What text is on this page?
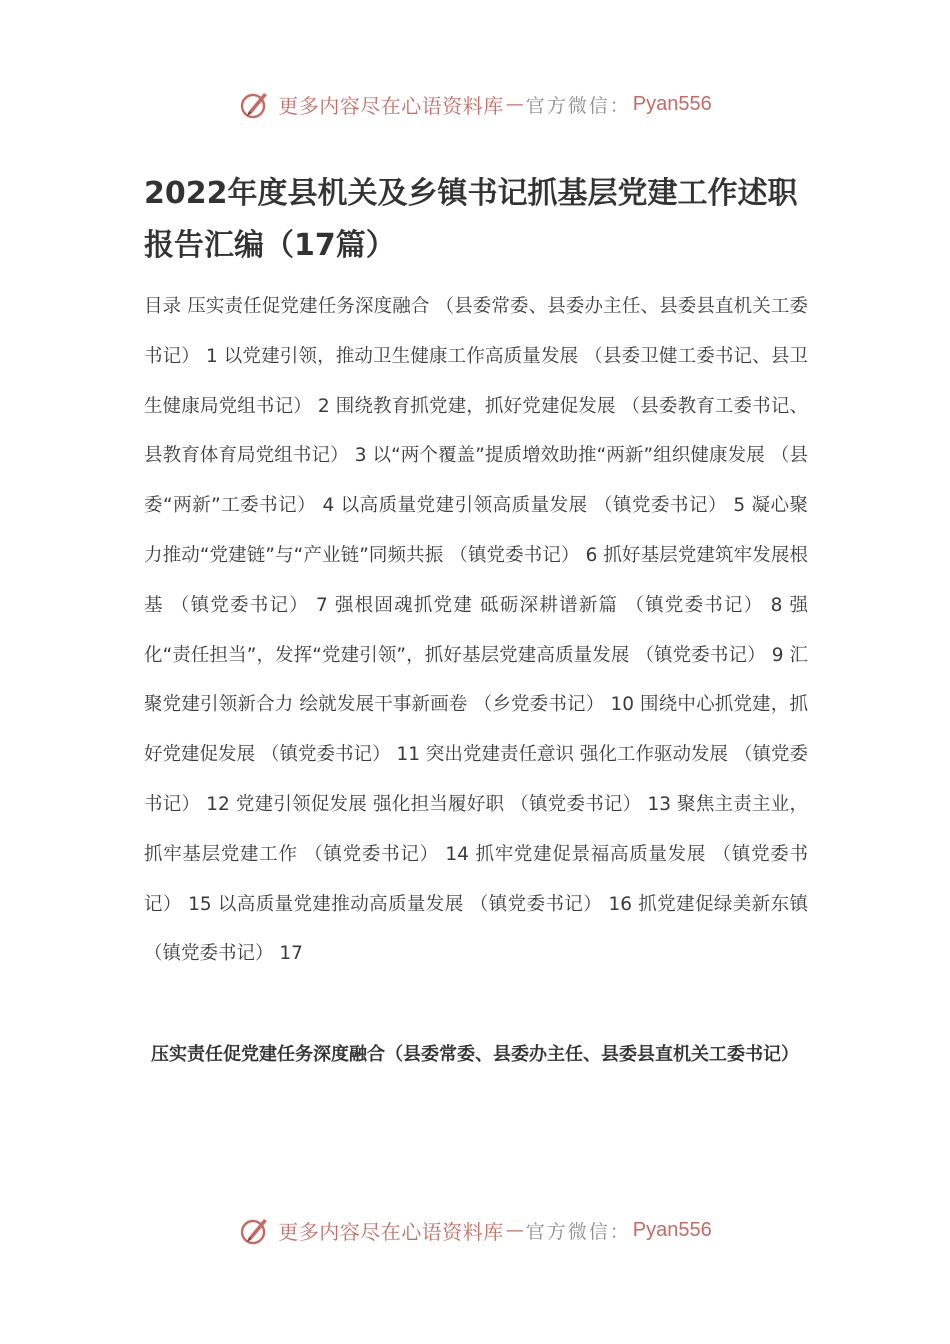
更多内容尽在心语资料库 — 官方微信： Pyan556
2022年度县机关及乡镇书记抓基层党建工作述职报告汇编（17篇）

目录 压实责任促党建任务深度融合 （县委常委、县委办主任、县委县直机关工委书记） 1 以党建引领，推动卫生健康工作高质量发展 （县委卫健工委书记、县卫生健康局党组书记） 2 围绕教育抓党建，抓好党建促发展 （县委教育工委书记、县教育体育局党组书记） 3 以“两个覆盖”提质增效助推“两新”组织健康发展 （县委“两新”工委书记） 4 以高质量党建引领高质量发展 （镇党委书记） 5 凝心聚力推动“党建链”与“产业链”同频共振 （镇党委书记） 6 抓好基层党建筑牢发展根基 （镇党委书记） 7 强根固魂抓党建 砥砺深耕谱新篇 （镇党委书记） 8 强化“责任担当”，发挥“党建引领”，抓好基层党建高质量发展 （镇党委书记） 9 汇聚党建引领新合力 绘就发展干事新画卷 （乡党委书记） 10 围绕中心抓党建，抓好党建促发展 （镇党委书记） 11 突出党建责任意识 强化工作驱动发展 （镇党委书记） 12 党建引领促发展 强化担当履好职 （镇党委书记） 13 聚焦主责主业，抓牢基层党建工作 （镇党委书记） 14 抓牢党建促景福高质量发展 （镇党委书记） 15 以高质量党建推动高质量发展 （镇党委书记） 16 抓党建促绿美新东镇 （镇党委书记） 17

压实责任促党建任务深度融合（县委常委、县委办主任、县委县直机关工委书记）
更多内容尽在心语资料库 — 官方微信： Pyan556
